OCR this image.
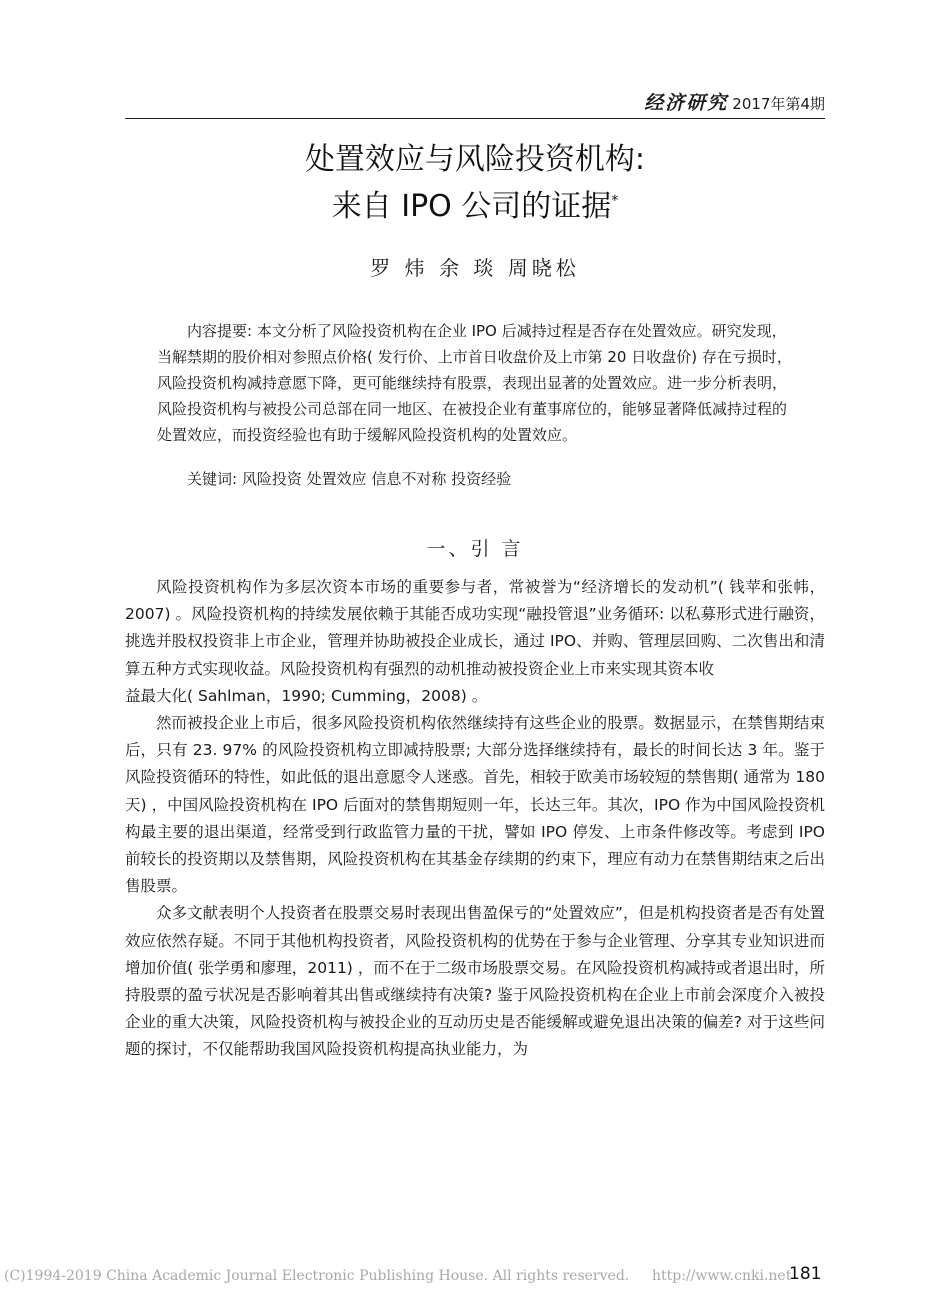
经济研究 2017年第4期
处置效应与风险投资机构:
来自 IPO 公司的证据*
罗 炜 余 琰 周晓松

内容提要: 本文分析了风险投资机构在企业 IPO 后减持过程是否存在处置效应。研究发现，当解禁期的股价相对参照点价格( 发行价、上市首日收盘价及上市第 20 日收盘价) 存在亏损时，风险投资机构减持意愿下降，更可能继续持有股票，表现出显著的处置效应。进一步分析表明，风险投资机构与被投公司总部在同一地区、在被投企业有董事席位的，能够显著降低减持过程的处置效应，而投资经验也有助于缓解风险投资机构的处置效应。

关键词: 风险投资 处置效应 信息不对称 投资经验
一、引 言

风险投资机构作为多层次资本市场的重要参与者，常被誉为“经济增长的发动机”( 钱苹和张帏，2007) 。风险投资机构的持续发展依赖于其能否成功实现“融投管退”业务循环: 以私募形式进行融资，挑选并股权投资非上市企业，管理并协助被投企业成长，通过 IPO、并购、管理层回购、二次售出和清算五种方式实现收益。风险投资机构有强烈的动机推动被投资企业上市来实现其资本收

益最大化( Sahlman，1990; Cumming，2008) 。

然而被投企业上市后，很多风险投资机构依然继续持有这些企业的股票。数据显示，在禁售期结束后，只有 23. 97% 的风险投资机构立即减持股票; 大部分选择继续持有，最长的时间长达 3 年。鉴于风险投资循环的特性，如此低的退出意愿令人迷惑。首先，相较于欧美市场较短的禁售期( 通常为 180 天) ，中国风险投资机构在 IPO 后面对的禁售期短则一年，长达三年。其次，IPO 作为中国风险投资机构最主要的退出渠道，经常受到行政监管力量的干扰，譬如 IPO 停发、上市条件修改等。考虑到 IPO 前较长的投资期以及禁售期，风险投资机构在其基金存续期的约束下，理应有动力在禁售期结束之后出售股票。

众多文献表明个人投资者在股票交易时表现出售盈保亏的“处置效应”，但是机构投资者是否有处置效应依然存疑。不同于其他机构投资者，风险投资机构的优势在于参与企业管理、分享其专业知识进而增加价值( 张学勇和廖理，2011) ，而不在于二级市场股票交易。在风险投资机构减持或者退出时，所持股票的盈亏状况是否影响着其出售或继续持有决策? 鉴于风险投资机构在企业上市前会深度介入被投企业的重大决策，风险投资机构与被投企业的互动历史是否能缓解或避免退出决策的偏差? 对于这些问题的探讨，不仅能帮助我国风险投资机构提高执业能力，为

(C)1994-2019 China Academic Journal Electronic Publishing House. All rights reserved. http://www.cnki.net
181
